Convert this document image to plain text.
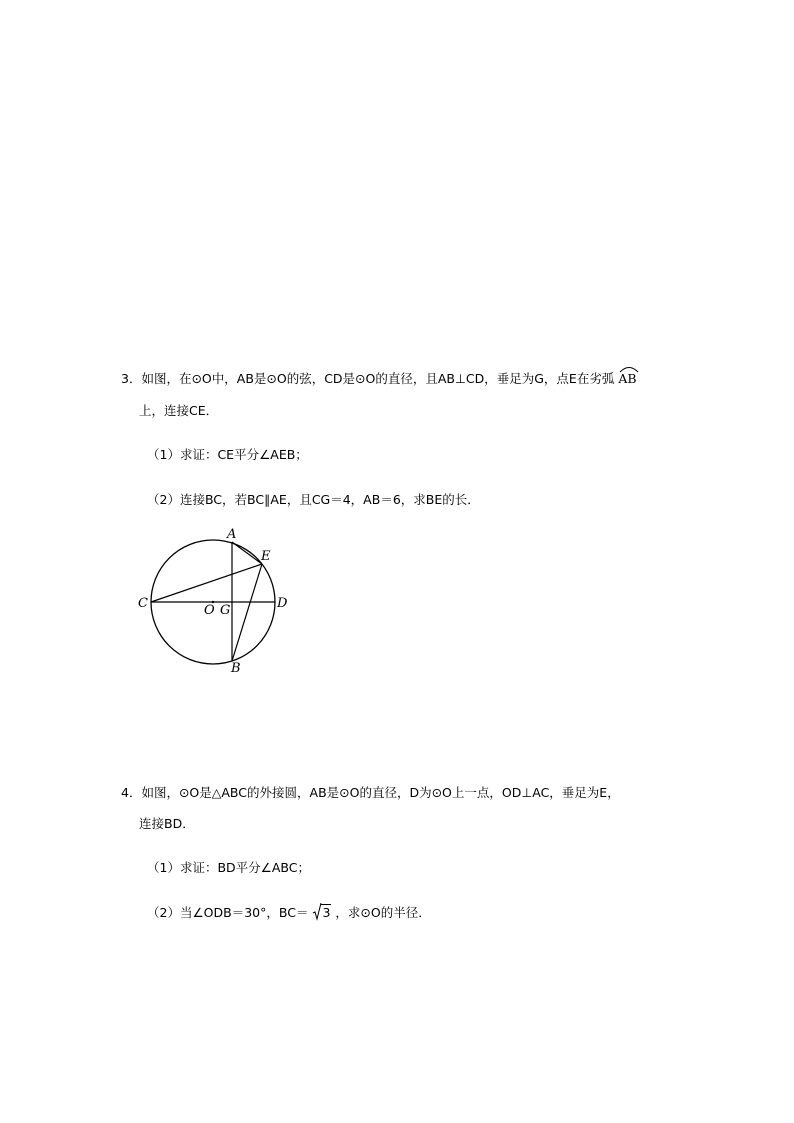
3．如图，在⊙O中，AB是⊙O的弦，CD是⊙O的直径，且AB⊥CD，垂足为G，点E在劣弧 AB
上，连接CE．
（1）求证：CE平分∠AEB；
（2）连接BC，若BC∥AE，且CG＝4，AB＝6，求BE的长．
A
E
C	O G	D
B
4．如图，⊙O是△ABC的外接圆，AB是⊙O的直径，D为⊙O上一点，OD⊥AC，垂足为E，
连接BD．
（1）求证：BD平分∠ABC；
（2）当∠ODB＝30°，BC＝ 3 ，求⊙O的半径．
